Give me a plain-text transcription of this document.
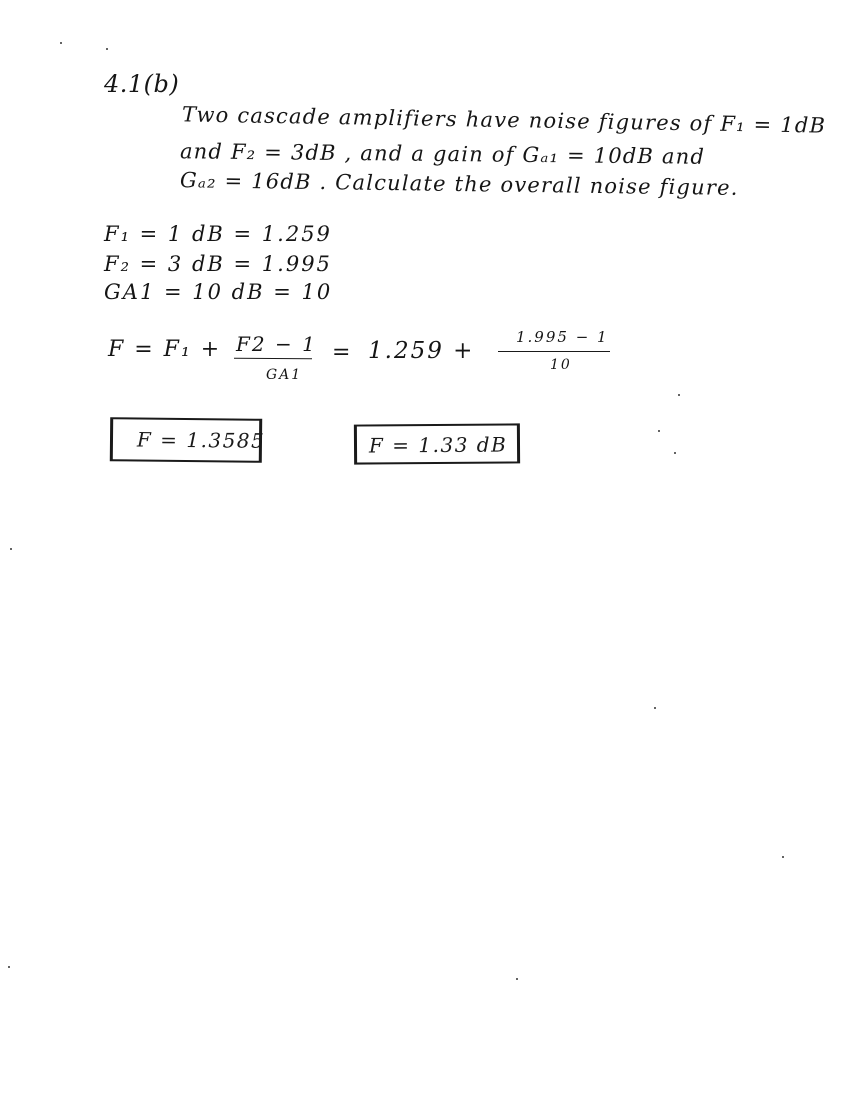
4.1(b)
Two cascade amplifiers have noise figures of F₁ = 1dB
and F₂ = 3dB , and a gain of Gₐ₁ = 10dB and
Gₐ₂ = 16dB . Calculate the overall noise figure.
F₁ = 1 dB = 1.259
F₂ = 3 dB = 1.995
GA1 = 10 dB = 10
F = F₁ + F2 − 1
GA1
= 1.259 +
1.995 − 1
10
F = 1.3585	F = 1.33 dB
